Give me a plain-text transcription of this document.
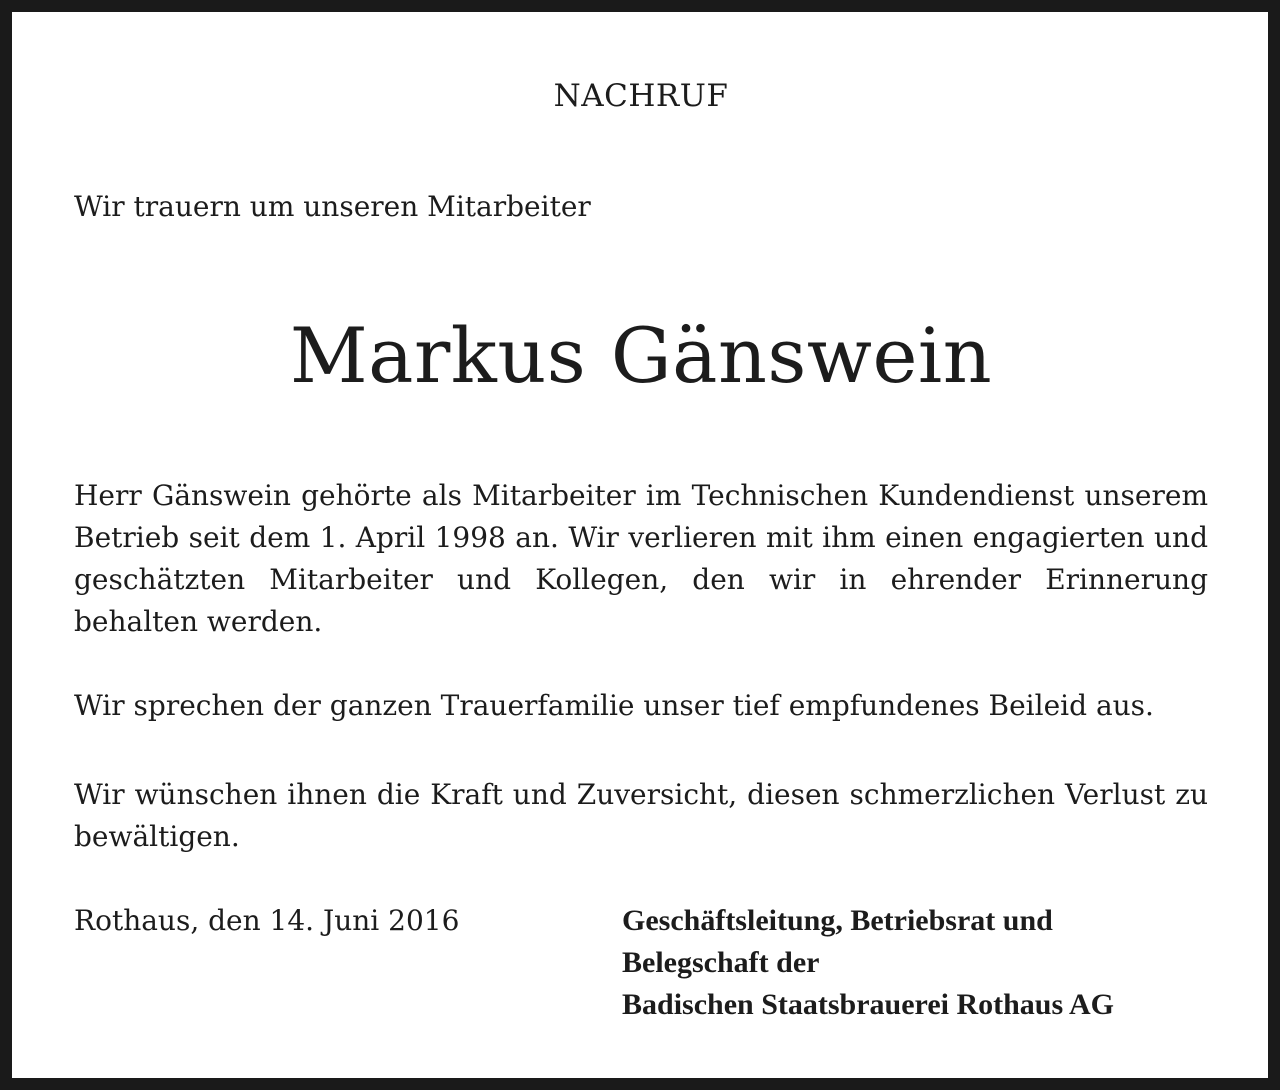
NACHRUF
Wir trauern um unseren Mitarbeiter
Markus Gänswein

Herr Gänswein gehörte als Mitarbeiter im Technischen Kundendienst unserem Betrieb seit dem 1. April 1998 an. Wir verlieren mit ihm einen engagierten und geschätzten Mitarbeiter und Kollegen, den wir in ehrender Erinnerung behalten werden.

Wir sprechen der ganzen Trauerfamilie unser tief empfundenes Beileid aus.

Wir wünschen ihnen die Kraft und Zuversicht, diesen schmerzlichen Verlust zu bewältigen.

Rothaus, den 14. Juni 2016	Geschäftsleitung, Betriebsrat und
Belegschaft der
Badischen Staatsbrauerei Rothaus AG
